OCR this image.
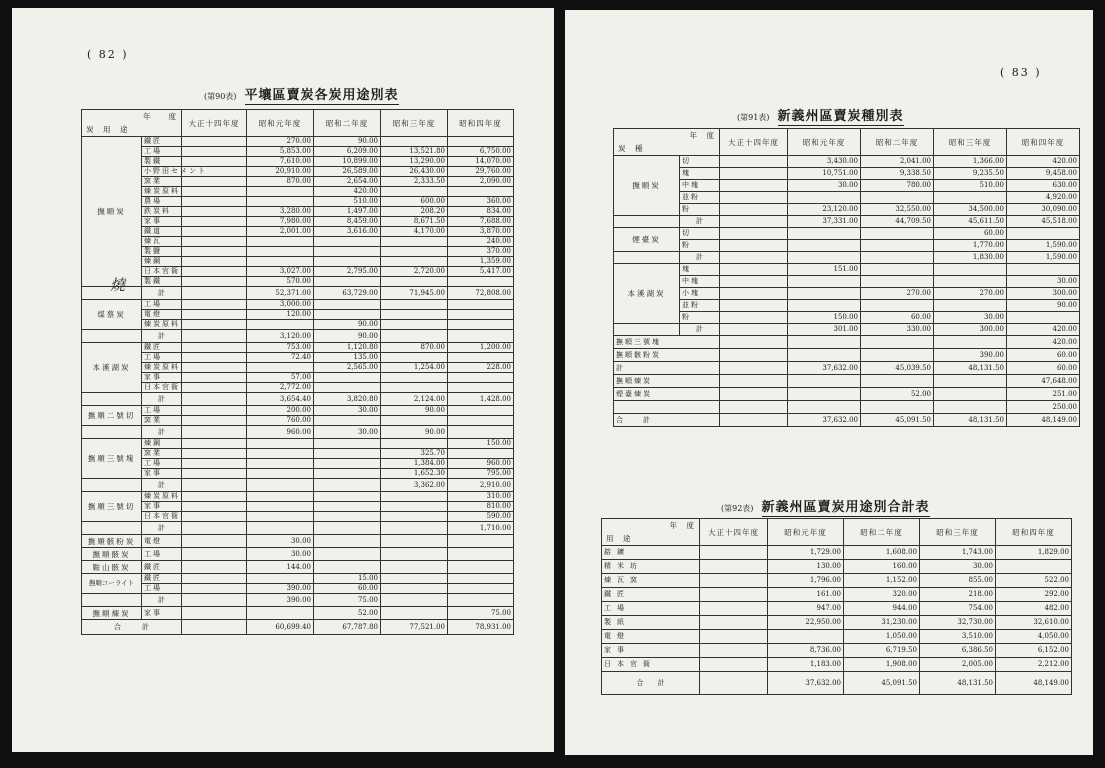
( 82 )
(第90表) 平壤區賣炭各炭用途別表
年　　度
炭　用　途		大正十四年度	昭和元年度	昭和二年度	昭和三年度	昭和四年度
撫順炭	鐵匠		270.00	90.00		
	工場		5,853.00	6,209.00	13,521.80	6,750.00
	製鐵		7,610.00	10,899.00	13,290.00	14,070.00
	小野田セメント		20,910.00	26,589.00	26,430.00	29,760.00
	窯業		870.00	2,654.00	2,333.50	2,090.00
	煉炭原料			420.00		
	農場			510.00	600.00	360.00
	鉄炭料		3,280.00	1,497.00	208.20	834.00
	家事		7,980.00	8,459.00	8,671.50	7,688.00
	鐵道		2,001.00	3,616.00	4,170.00	3,870.00
	煉瓦					240.00
	製鹽					370.00
	煉鋼					1,359.00
	日本官衙		3,027.00	2,795.00	2,720.00	5,417.00
	製鐵		570.00			
	計		52,371.00	63,729.00	71,945.00	72,808.00
煤蔡炭	工場		3,000.00			
	電燈		120.00			
	煉炭原料			90.00		
	計		3,120.00	90.00		
本溪湖炭	鐵匠		753.00	1,120.80	870.00	1,200.00
	工場		72.40	135.00		
	煉炭原料			2,565.00	1,254.00	228.00
	家事		57.00			
	日本官衙		2,772.00			
	計		3,654.40	3,820.80	2,124.00	1,428.00
撫順二號切	工場		200.00	30.00	90.00	
	窯業		760.00			
	計		960.00	30.00	90.00	
撫順三號塊	煉鋼					150.00
	窯業				325.70	
	工場				1,384.00	960.00
	家事				1,652.30	795.00
	計				3,362.00	2,910.00
撫順三號切	煉炭原料					310.00
	家事					810.00
	日本官衙					590.00
	計					1,710.00
撫順骸粉炭	電燈		30.00			
撫順骸炭	工場		30.00			
鞍山骸炭	鐵匠		144.00			
撫順コーライト	鐵匠			15.00		
	工場		390.00	60.00		
	計		390.00	75.00		
撫順煉炭	家事			52.00		75.00
合　　　計			60,699.40	67,787.80	77,521.00	78,931.00
燒
( 83 )
(第91表) 新義州區賣炭種別表
年　度
炭　種		大正十四年度	昭和元年度	昭和二年度	昭和三年度	昭和四年度
撫順炭	切		3,430.00	2,041.00	1,366.00	420.00
	塊		10,751.00	9,338.50	9,235.50	9,458.00
	中塊		30.00	780.00	510.00	630.00
	並粉					4,920.00
	粉		23,120.00	32,550.00	34,500.00	30,090.00
	計		37,331.00	44,709.50	45,611.50	45,518.00
煙臺炭	切				60.00	
	粉				1,770.00	1,590.00
	計				1,830.00	1,590.00
本溪湖炭	塊		151.00			
	中塊					30.00
	小塊			270.00	270.00	300.00
	並粉					90.00
	粉		150.00	60.00	30.00	
	計		301.00	330.00	300.00	420.00
撫順三號塊						420.00
撫順骸粉炭					390.00	60.00
計			37,632.00	45,039.50	48,131.50	60.00
撫順煉炭						47,648.00
煙臺煉炭				52.00		251.00
						250.00
合　　計			37,632.00	45,091.50	48,131.50	48,149.00
(第92表) 新義州區賣炭用途別合計表
年　度
用　途	大正十四年度	昭和元年度	昭和二年度	昭和三年度	昭和四年度
鎔鑛		1,729.00	1,608.00	1,743.00	1,829.00
精米坊		130.00	160.00	30.00	
煉瓦窯		1,796.00	1,152.00	855.00	522.00
鐵匠		161.00	320.00	218.00	292.00
工場		947.00	944.00	754.00	482.00
製紙		22,950.00	31,230.00	32,730.00	32,610.00
電燈			1,050.00	3,510.00	4,050.00
家事		8,736.00	6,719.50	6,386.50	6,152.00
日本官衙		1,183.00	1,908.00	2,005.00	2,212.00
合　　計		37,632.00	45,091.50	48,131.50	48,149.00
